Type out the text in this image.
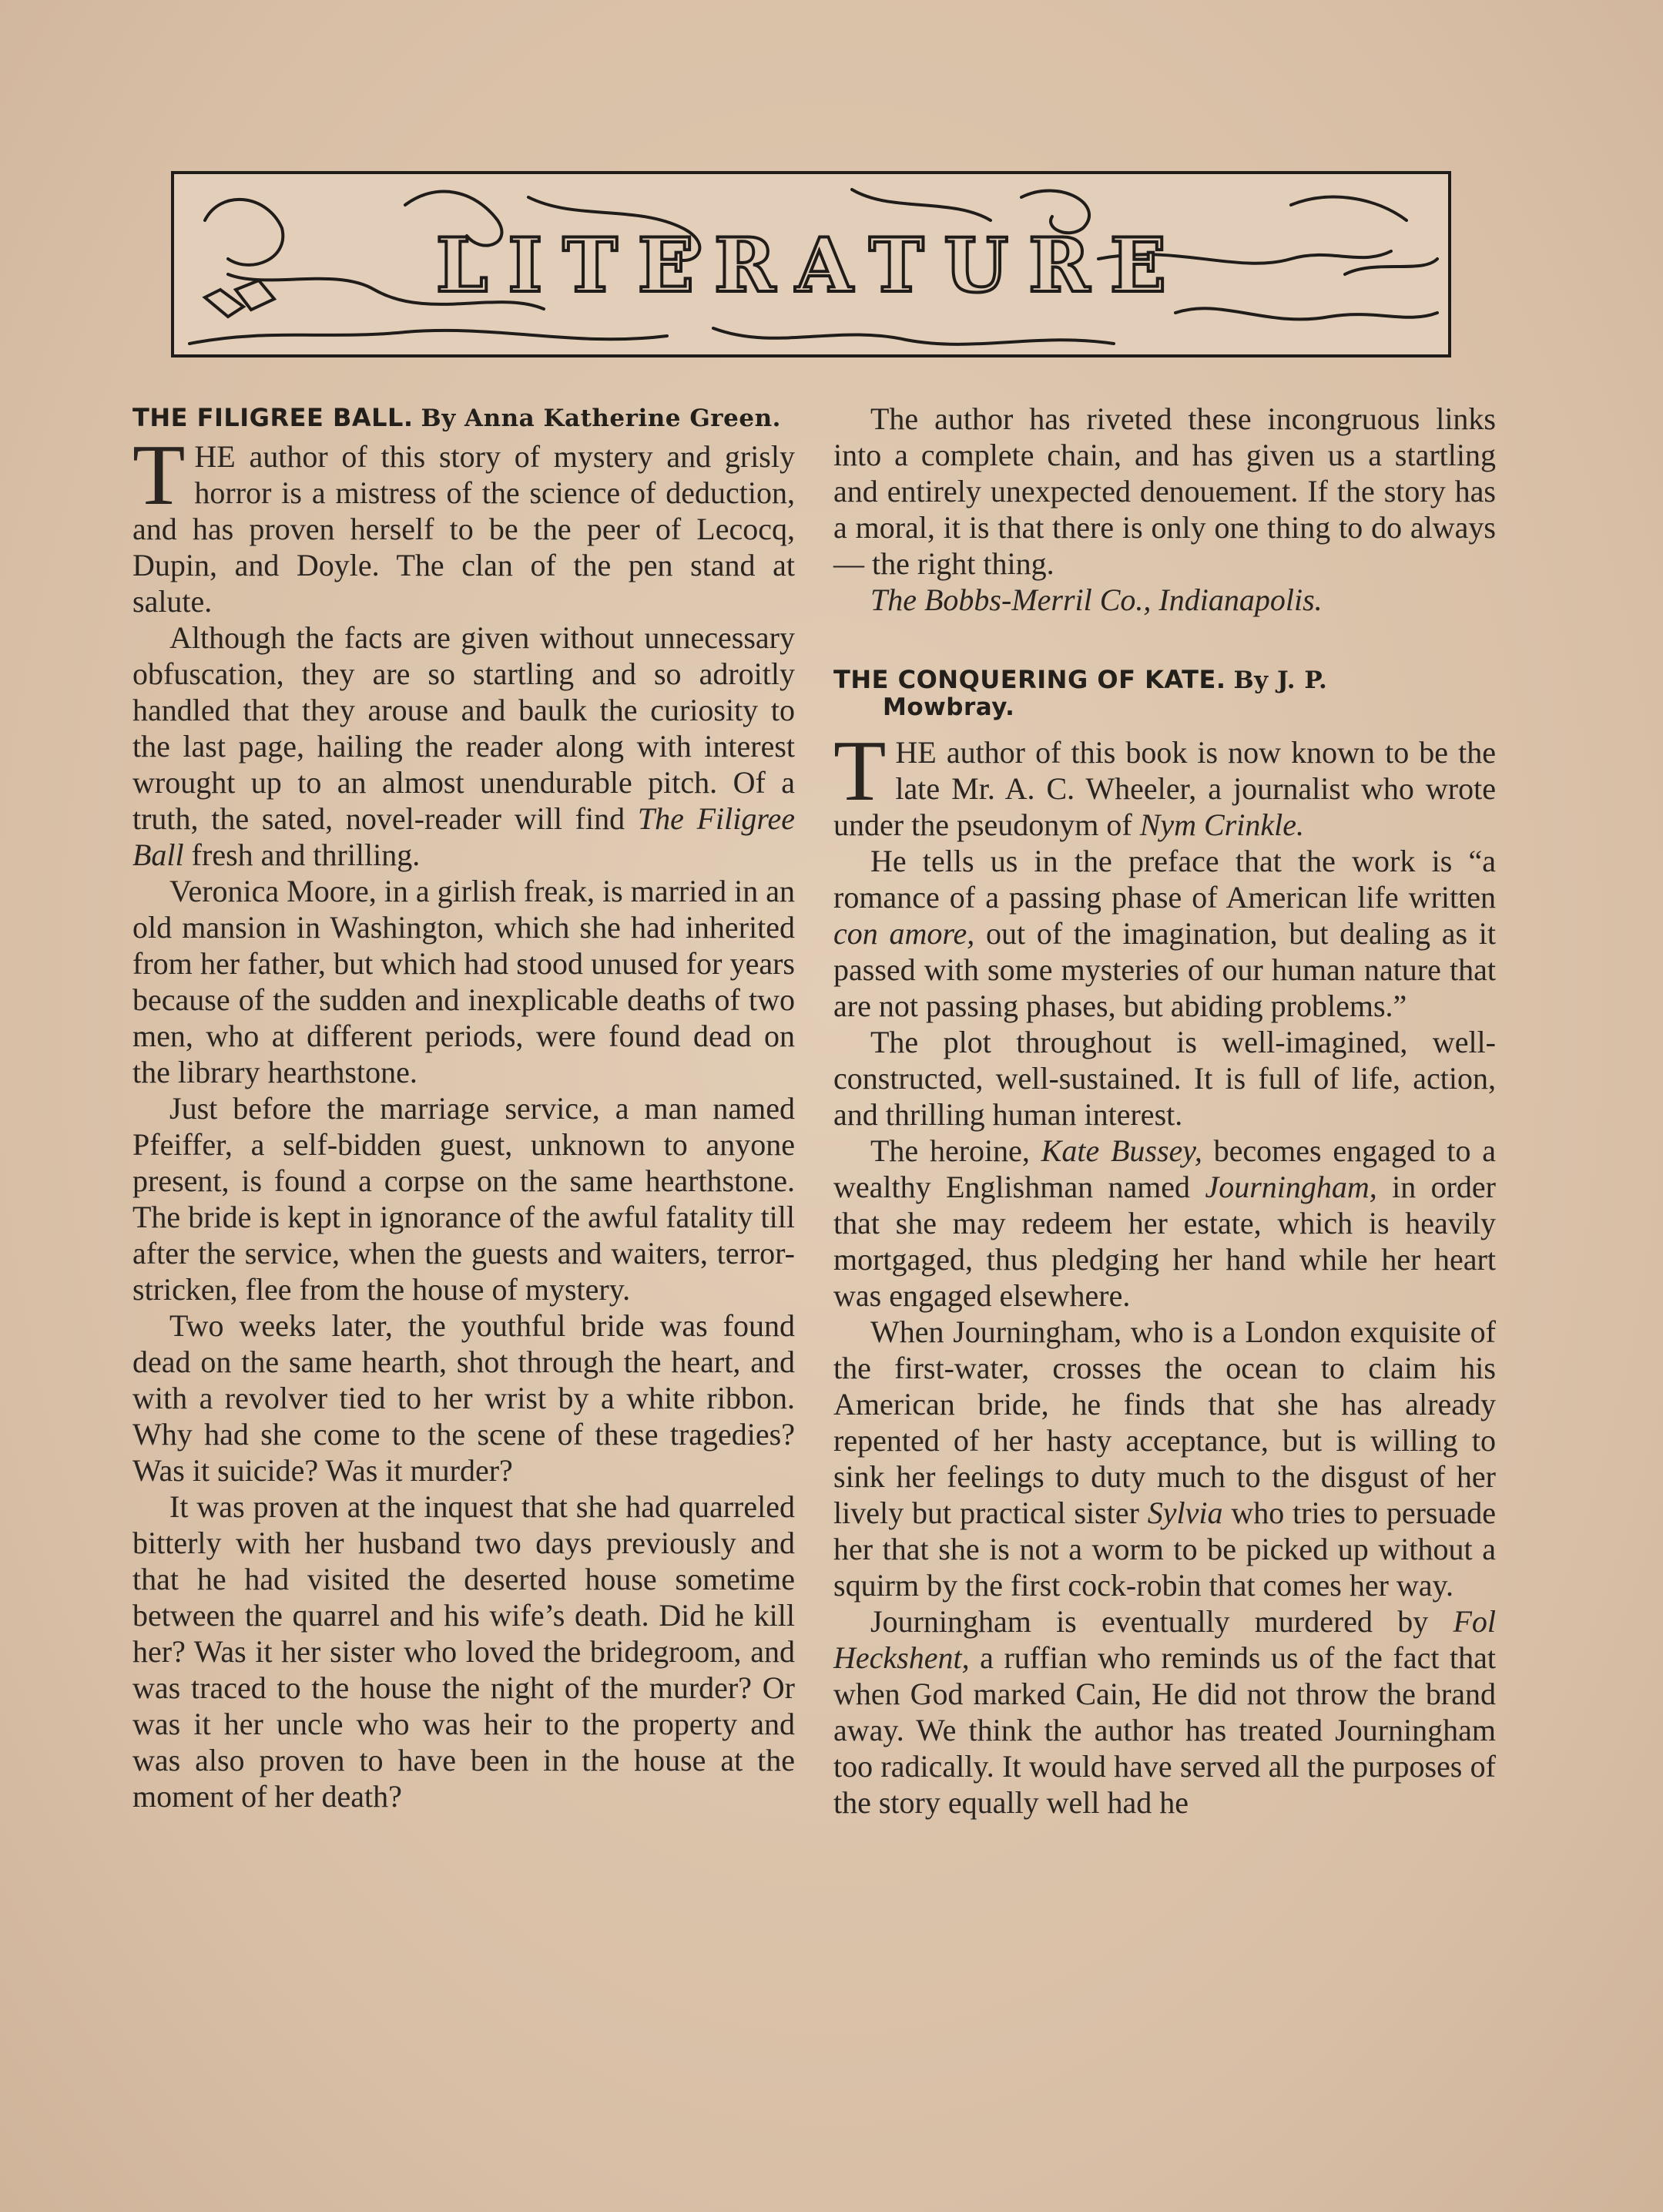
LITERATURE
THE FILIGREE BALL. By Anna Katherine Green.

THE author of this story of mystery and grisly horror is a mistress of the science of deduction, and has proven herself to be the peer of Lecocq, Dupin, and Doyle. The clan of the pen stand at salute.

Although the facts are given without unnecessary obfuscation, they are so startling and so adroitly handled that they arouse and baulk the curiosity to the last page, hailing the reader along with interest wrought up to an almost unendurable pitch. Of a truth, the sated, novel-reader will find The Filigree Ball fresh and thrilling.

Veronica Moore, in a girlish freak, is married in an old mansion in Washington, which she had inherited from her father, but which had stood unused for years because of the sudden and inexplicable deaths of two men, who at different periods, were found dead on the library hearthstone.

Just before the marriage service, a man named Pfeiffer, a self-bidden guest, unknown to anyone present, is found a corpse on the same hearthstone. The bride is kept in ignorance of the awful fatality till after the service, when the guests and waiters, terror-stricken, flee from the house of mystery.

Two weeks later, the youthful bride was found dead on the same hearth, shot through the heart, and with a revolver tied to her wrist by a white ribbon. Why had she come to the scene of these tragedies? Was it suicide? Was it murder?

It was proven at the inquest that she had quarreled bitterly with her husband two days previously and that he had visited the deserted house sometime between the quarrel and his wife’s death. Did he kill her? Was it her sister who loved the bridegroom, and was traced to the house the night of the murder? Or was it her uncle who was heir to the property and was also proven to have been in the house at the moment of her death?

The author has riveted these incongruous links into a complete chain, and has given us a startling and entirely unexpected denouement. If the story has a moral, it is that there is only one thing to do always— the right thing.

The Bobbs-Merril Co., Indianapolis.

THE CONQUERING OF KATE. By J. P.
Mowbray.

THE author of this book is now known to be the late Mr. A. C. Wheeler, a journalist who wrote under the pseudonym of Nym Crinkle.

He tells us in the preface that the work is “a romance of a passing phase of American life written con amore, out of the imagination, but dealing as it passed with some mysteries of our human nature that are not passing phases, but abiding problems.”

The plot throughout is well-imagined, well-constructed, well-sustained. It is full of life, action, and thrilling human interest.

The heroine, Kate Bussey, becomes engaged to a wealthy Englishman named Journingham, in order that she may redeem her estate, which is heavily mortgaged, thus pledging her hand while her heart was engaged elsewhere.

When Journingham, who is a London exquisite of the first-water, crosses the ocean to claim his American bride, he finds that she has already repented of her hasty acceptance, but is willing to sink her feelings to duty much to the disgust of her lively but practical sister Sylvia who tries to persuade her that she is not a worm to be picked up without a squirm by the first cock-robin that comes her way.

Journingham is eventually murdered by Fol Heckshent, a ruffian who reminds us of the fact that when God marked Cain, He did not throw the brand away. We think the author has treated Journingham too radically. It would have served all the purposes of the story equally well had he
